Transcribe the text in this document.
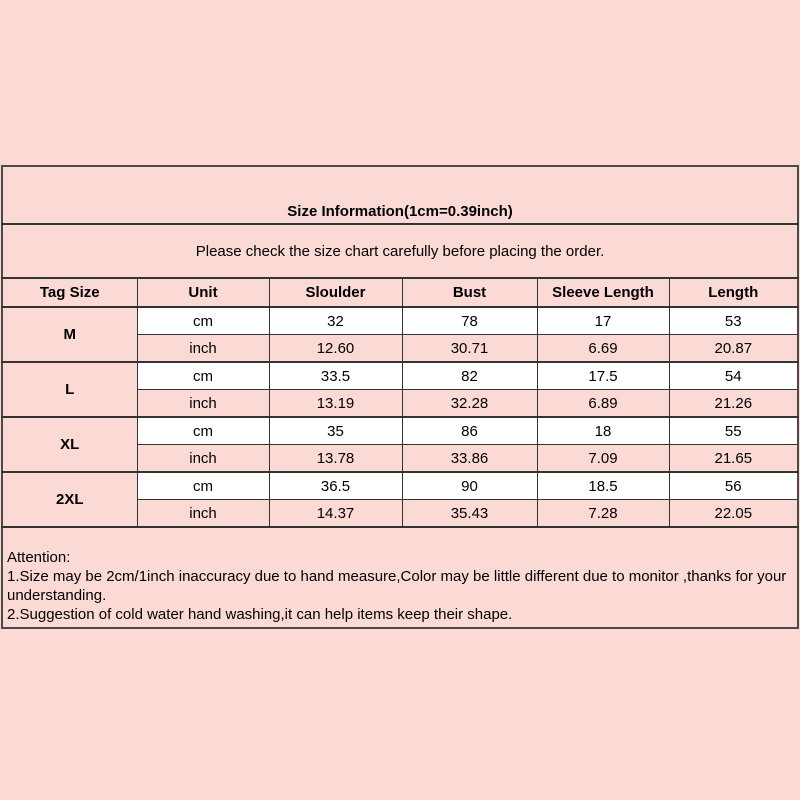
Size Information(1cm=0.39inch)					
Please check the size chart carefully before placing the order.					
Tag Size	Unit	Sloulder	Bust	Sleeve Length	Length
M	cm	32	78	17	53
	inch	12.60	30.71	6.69	20.87
L	cm	33.5	82	17.5	54
	inch	13.19	32.28	6.89	21.26
XL	cm	35	86	18	55
	inch	13.78	33.86	7.09	21.65
2XL	cm	36.5	90	18.5	56
	inch	14.37	35.43	7.28	22.05

Attention:
1.Size may be 2cm/1inch inaccuracy due to hand measure,Color may be little different due to monitor ,thanks for your understanding.
2.Suggestion of cold water hand washing,it can help items keep their shape.					
